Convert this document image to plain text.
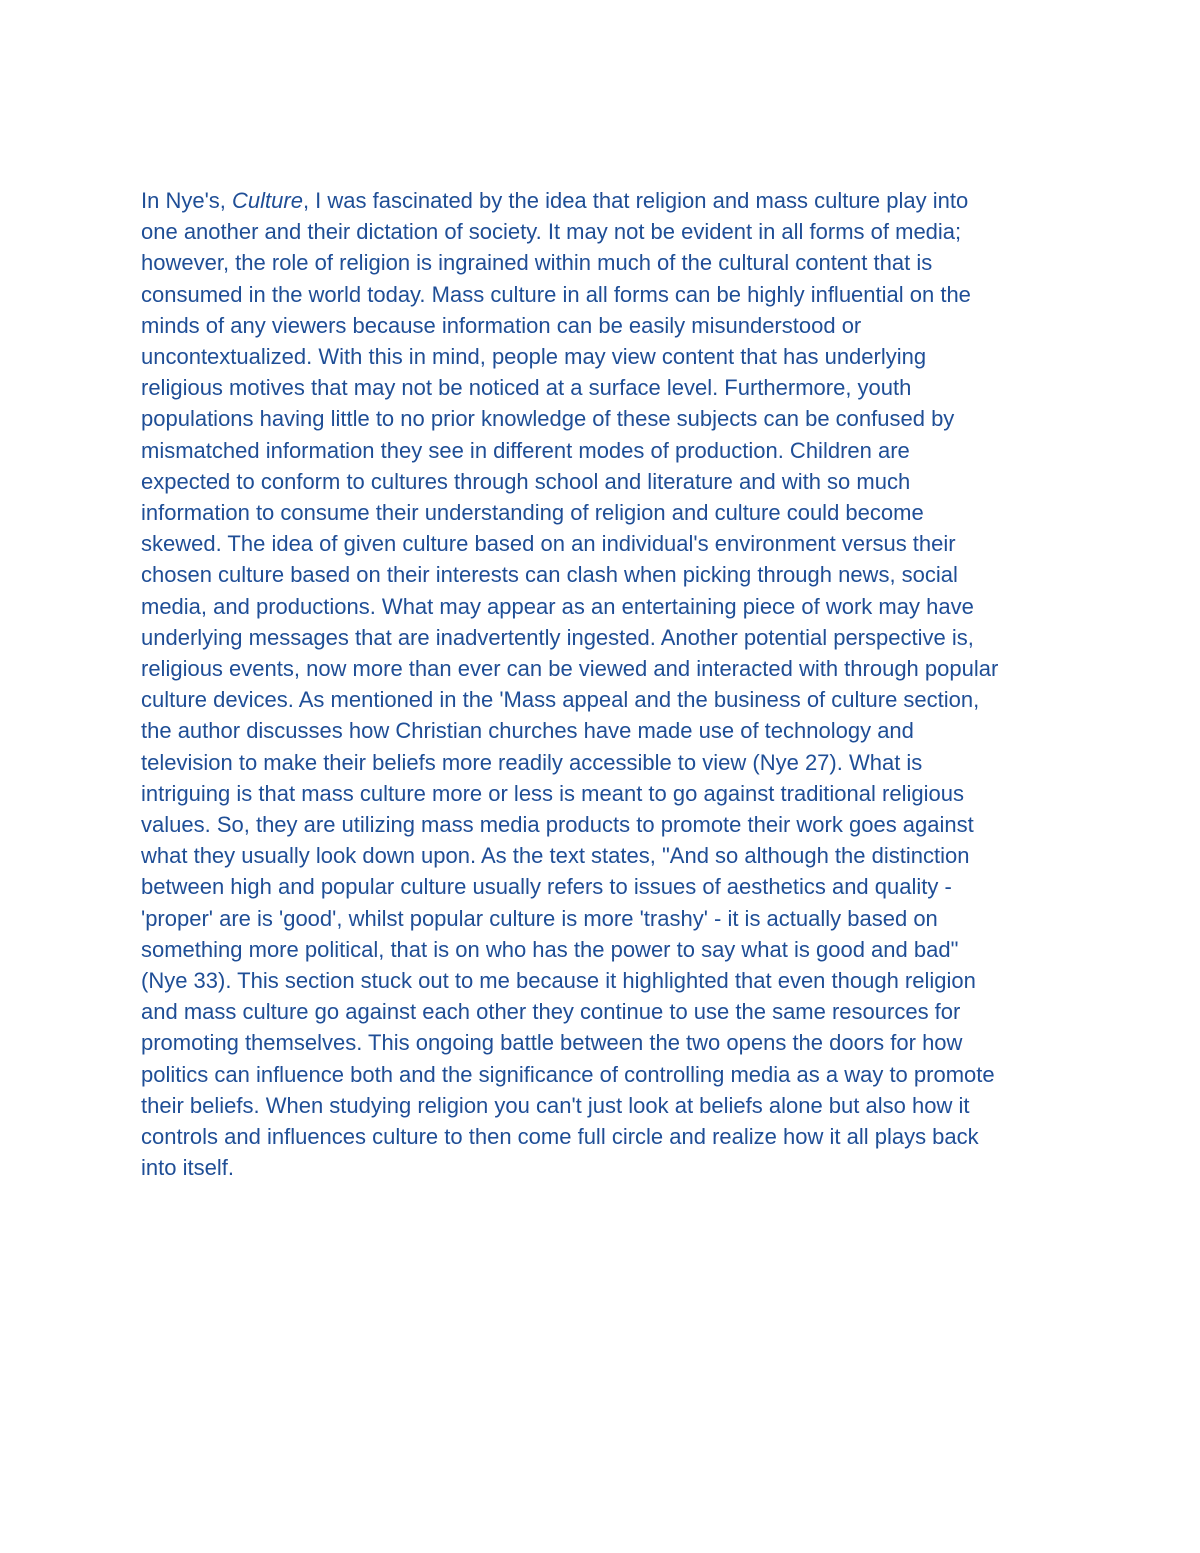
In Nye's, Culture, I was fascinated by the idea that religion and mass culture play into
one another and their dictation of society. It may not be evident in all forms of media;
however, the role of religion is ingrained within much of the cultural content that is
consumed in the world today. Mass culture in all forms can be highly influential on the
minds of any viewers because information can be easily misunderstood or
uncontextualized. With this in mind, people may view content that has underlying
religious motives that may not be noticed at a surface level. Furthermore, youth
populations having little to no prior knowledge of these subjects can be confused by
mismatched information they see in different modes of production. Children are
expected to conform to cultures through school and literature and with so much
information to consume their understanding of religion and culture could become
skewed. The idea of given culture based on an individual's environment versus their
chosen culture based on their interests can clash when picking through news, social
media, and productions. What may appear as an entertaining piece of work may have
underlying messages that are inadvertently ingested. Another potential perspective is,
religious events, now more than ever can be viewed and interacted with through popular
culture devices. As mentioned in the 'Mass appeal and the business of culture section,
the author discusses how Christian churches have made use of technology and
television to make their beliefs more readily accessible to view (Nye 27). What is
intriguing is that mass culture more or less is meant to go against traditional religious
values. So, they are utilizing mass media products to promote their work goes against
what they usually look down upon. As the text states, "And so although the distinction
between high and popular culture usually refers to issues of aesthetics and quality -
'proper' are is 'good', whilst popular culture is more 'trashy' - it is actually based on
something more political, that is on who has the power to say what is good and bad"
(Nye 33). This section stuck out to me because it highlighted that even though religion
and mass culture go against each other they continue to use the same resources for
promoting themselves. This ongoing battle between the two opens the doors for how
politics can influence both and the significance of controlling media as a way to promote
their beliefs. When studying religion you can't just look at beliefs alone but also how it
controls and influences culture to then come full circle and realize how it all plays back
into itself.
